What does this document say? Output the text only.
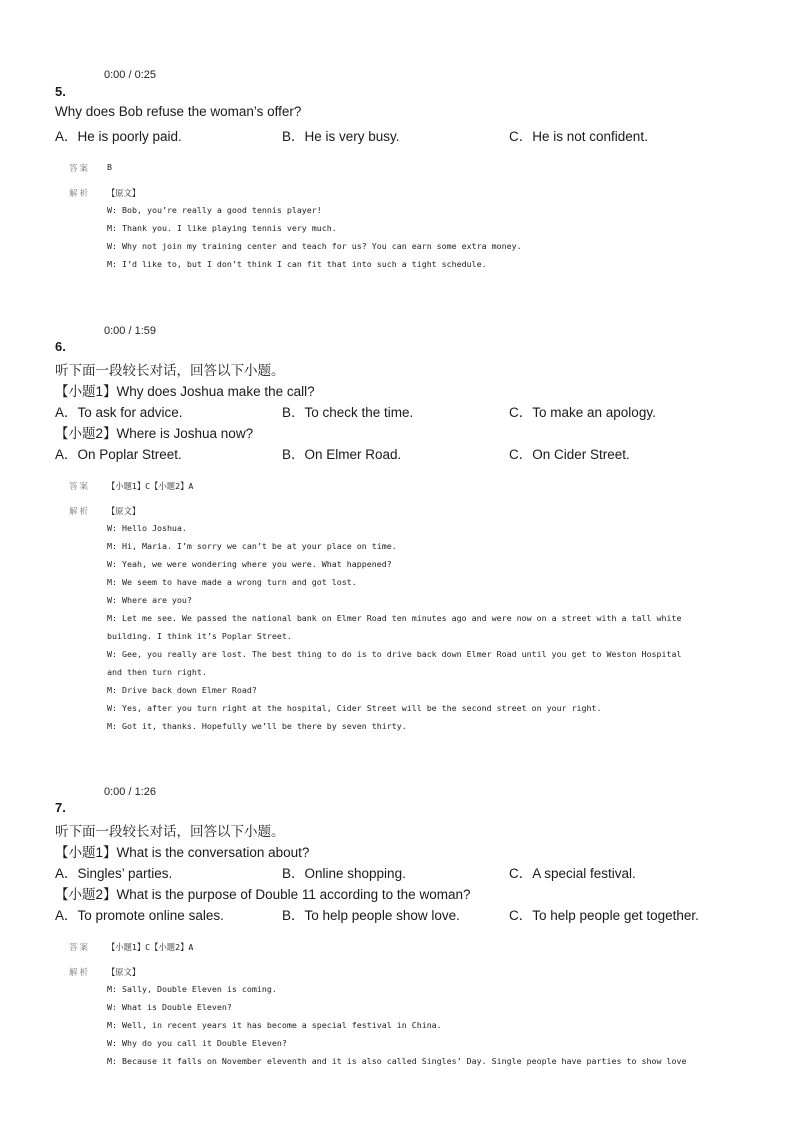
0:00 / 0:25
5.
Why does Bob refuse the woman’s offer?
A．He is poorly paid.	B．He is very busy.	C．He is not confident.
答案 B
解析 【原文】
W: Bob, you’re really a good tennis player!
M: Thank you. I like playing tennis very much.
W: Why not join my training center and teach for us? You can earn some extra money.
M: I’d like to, but I don’t think I can fit that into such a tight schedule.
0:00 / 1:59
6.
听下面一段较长对话，回答以下小题。
【小题1】Why does Joshua make the call?
A．To ask for advice.	B．To check the time.	C．To make an apology.
【小题2】Where is Joshua now?
A．On Poplar Street.	B．On Elmer Road.	C．On Cider Street.
答案 【小题1】C【小题2】A
解析 【原文】
W: Hello Joshua.
M: Hi, Maria. I’m sorry we can’t be at your place on time.
W: Yeah, we were wondering where you were. What happened?
M: We seem to have made a wrong turn and got lost.
W: Where are you?
M: Let me see. We passed the national bank on Elmer Road ten minutes ago and were now on a street with a tall white
building. I think it’s Poplar Street.
W: Gee, you really are lost. The best thing to do is to drive back down Elmer Road until you get to Weston Hospital
and then turn right.
M: Drive back down Elmer Road?
W: Yes, after you turn right at the hospital, Cider Street will be the second street on your right.
M: Got it, thanks. Hopefully we’ll be there by seven thirty.
0:00 / 1:26
7.
听下面一段较长对话，回答以下小题。
【小题1】What is the conversation about?
A．Singles’ parties.	B．Online shopping.	C．A special festival.
【小题2】What is the purpose of Double 11 according to the woman?
A．To promote online sales.	B．To help people show love.	C．To help people get together.
答案 【小题1】C【小题2】A
解析 【原文】
M: Sally, Double Eleven is coming.
W: What is Double Eleven?
M: Well, in recent years it has become a special festival in China.
W: Why do you call it Double Eleven?
M: Because it falls on November eleventh and it is also called Singles’ Day. Single people have parties to show love
